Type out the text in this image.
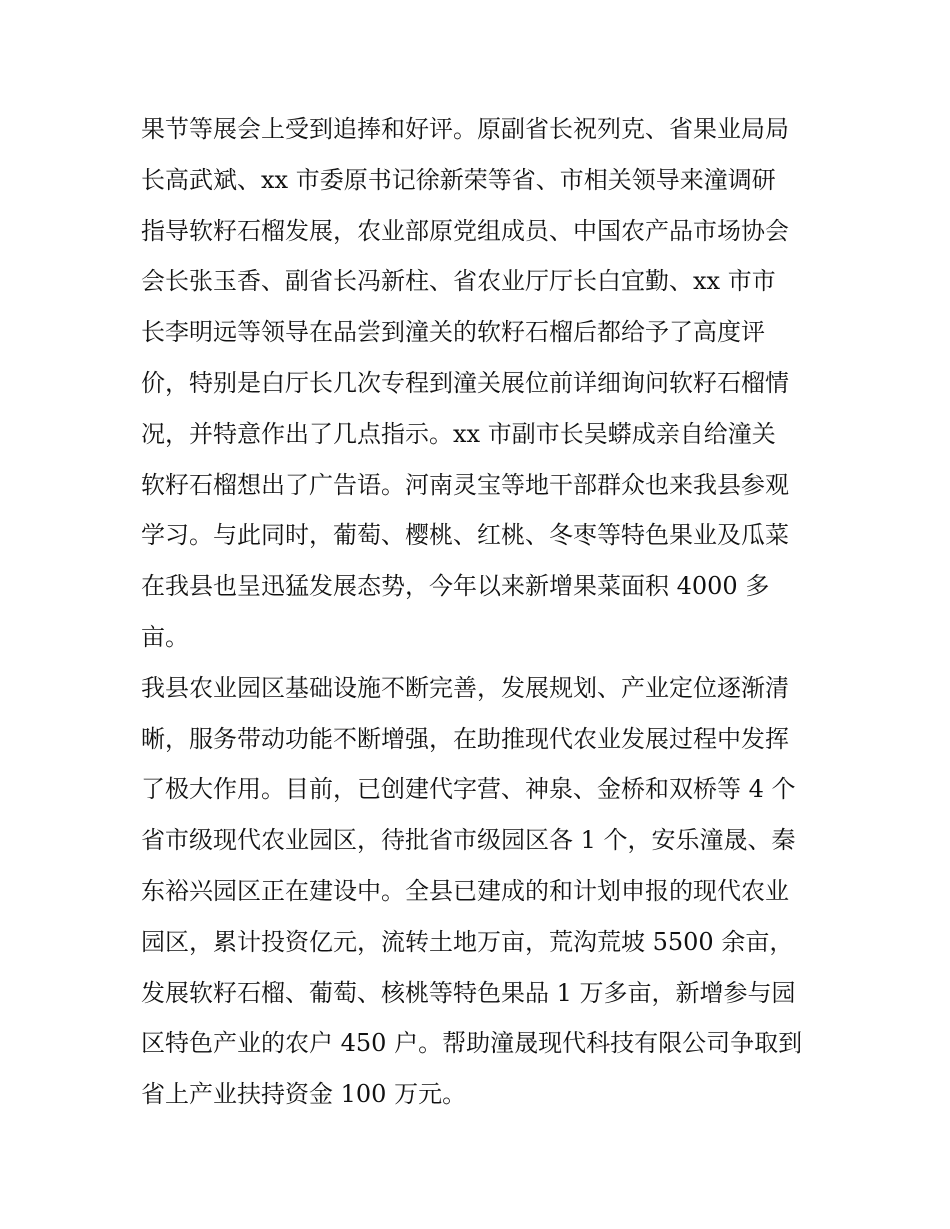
果节等展会上受到追捧和好评。原副省长祝列克、省果业局局
长高武斌、xx 市委原书记徐新荣等省、市相关领导来潼调研
指导软籽石榴发展，农业部原党组成员、中国农产品市场协会
会长张玉香、副省长冯新柱、省农业厅厅长白宜勤、xx 市市
长李明远等领导在品尝到潼关的软籽石榴后都给予了高度评
价，特别是白厅长几次专程到潼关展位前详细询问软籽石榴情
况，并特意作出了几点指示。xx 市副市长吴蟒成亲自给潼关
软籽石榴想出了广告语。河南灵宝等地干部群众也来我县参观
学习。与此同时，葡萄、樱桃、红桃、冬枣等特色果业及瓜菜
在我县也呈迅猛发展态势，今年以来新增果菜面积 4000 多
亩。
我县农业园区基础设施不断完善，发展规划、产业定位逐渐清
晰，服务带动功能不断增强，在助推现代农业发展过程中发挥
了极大作用。目前，已创建代字营、神泉、金桥和双桥等 4 个
省市级现代农业园区，待批省市级园区各 1 个，安乐潼晟、秦
东裕兴园区正在建设中。全县已建成的和计划申报的现代农业
园区，累计投资亿元，流转土地万亩，荒沟荒坡 5500 余亩，
发展软籽石榴、葡萄、核桃等特色果品 1 万多亩，新增参与园
区特色产业的农户 450 户。帮助潼晟现代科技有限公司争取到
省上产业扶持资金 100 万元。
